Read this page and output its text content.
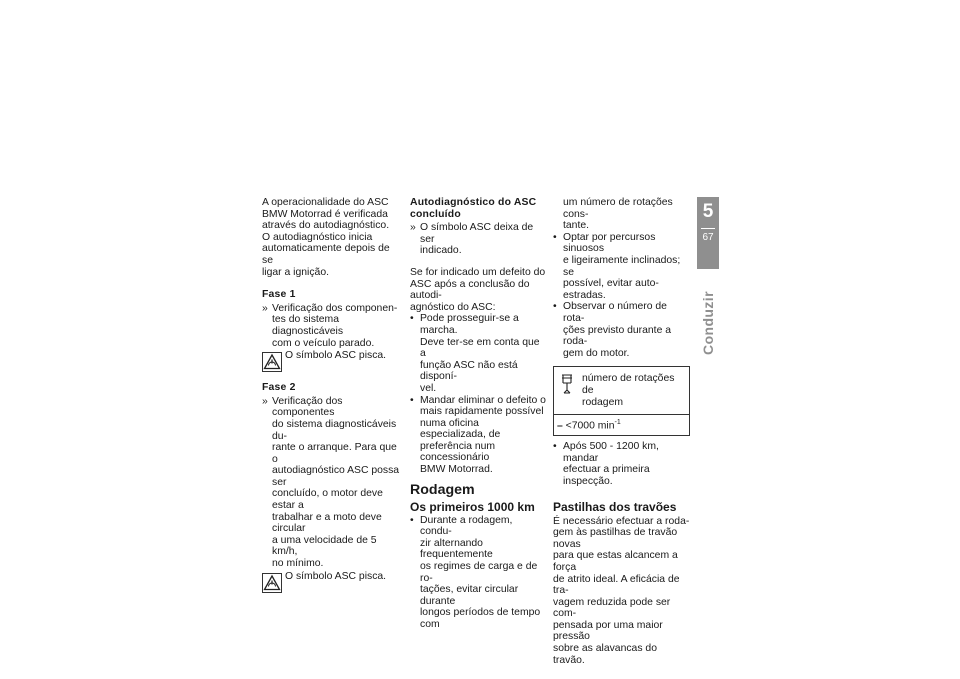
A operacionalidade do ASC
BMW Motorrad é verificada
através do autodiagnóstico.
O autodiagnóstico inicia
automaticamente depois de se
ligar a ignição.
Fase 1
» Verificação dos componen-
tes do sistema diagnosticáveis
com o veículo parado.
O símbolo ASC pisca.
Fase 2
» Verificação dos componentes
do sistema diagnosticáveis du-
rante o arranque. Para que o
autodiagnóstico ASC possa ser
concluído, o motor deve estar a
trabalhar e a moto deve circular
a uma velocidade de 5 km/h,
no mínimo.
O símbolo ASC pisca.
Autodiagnóstico do ASC
concluído
» O símbolo ASC deixa de ser
indicado.
Se for indicado um defeito do
ASC após a conclusão do autodi-
agnóstico do ASC:
• Pode prosseguir-se a marcha.
Deve ter-se em conta que a
função ASC não está disponí-
vel.
• Mandar eliminar o defeito o
mais rapidamente possível
numa oficina especializada, de
preferência num concessionário
BMW Motorrad.
Rodagem
Os primeiros 1000 km
• Durante a rodagem, condu-
zir alternando frequentemente
os regimes de carga e de ro-
tações, evitar circular durante
longos períodos de tempo com
um número de rotações cons-
tante.
• Optar por percursos sinuosos
e ligeiramente inclinados; se
possível, evitar auto-estradas.
• Observar o número de rota-
ções previsto durante a roda-
gem do motor.
número de rotações de
rodagem
– <7000 $\min^{-1}$
• Após 500 - 1200 km, mandar
efectuar a primeira inspecção.
Pastilhas dos travões
É necessário efectuar a roda-
gem às pastilhas de travão novas
para que estas alcancem a força
de atrito ideal. A eficácia de tra-
vagem reduzida pode ser com-
pensada por uma maior pressão
sobre as alavancas do travão.
5
67
Conduzir
